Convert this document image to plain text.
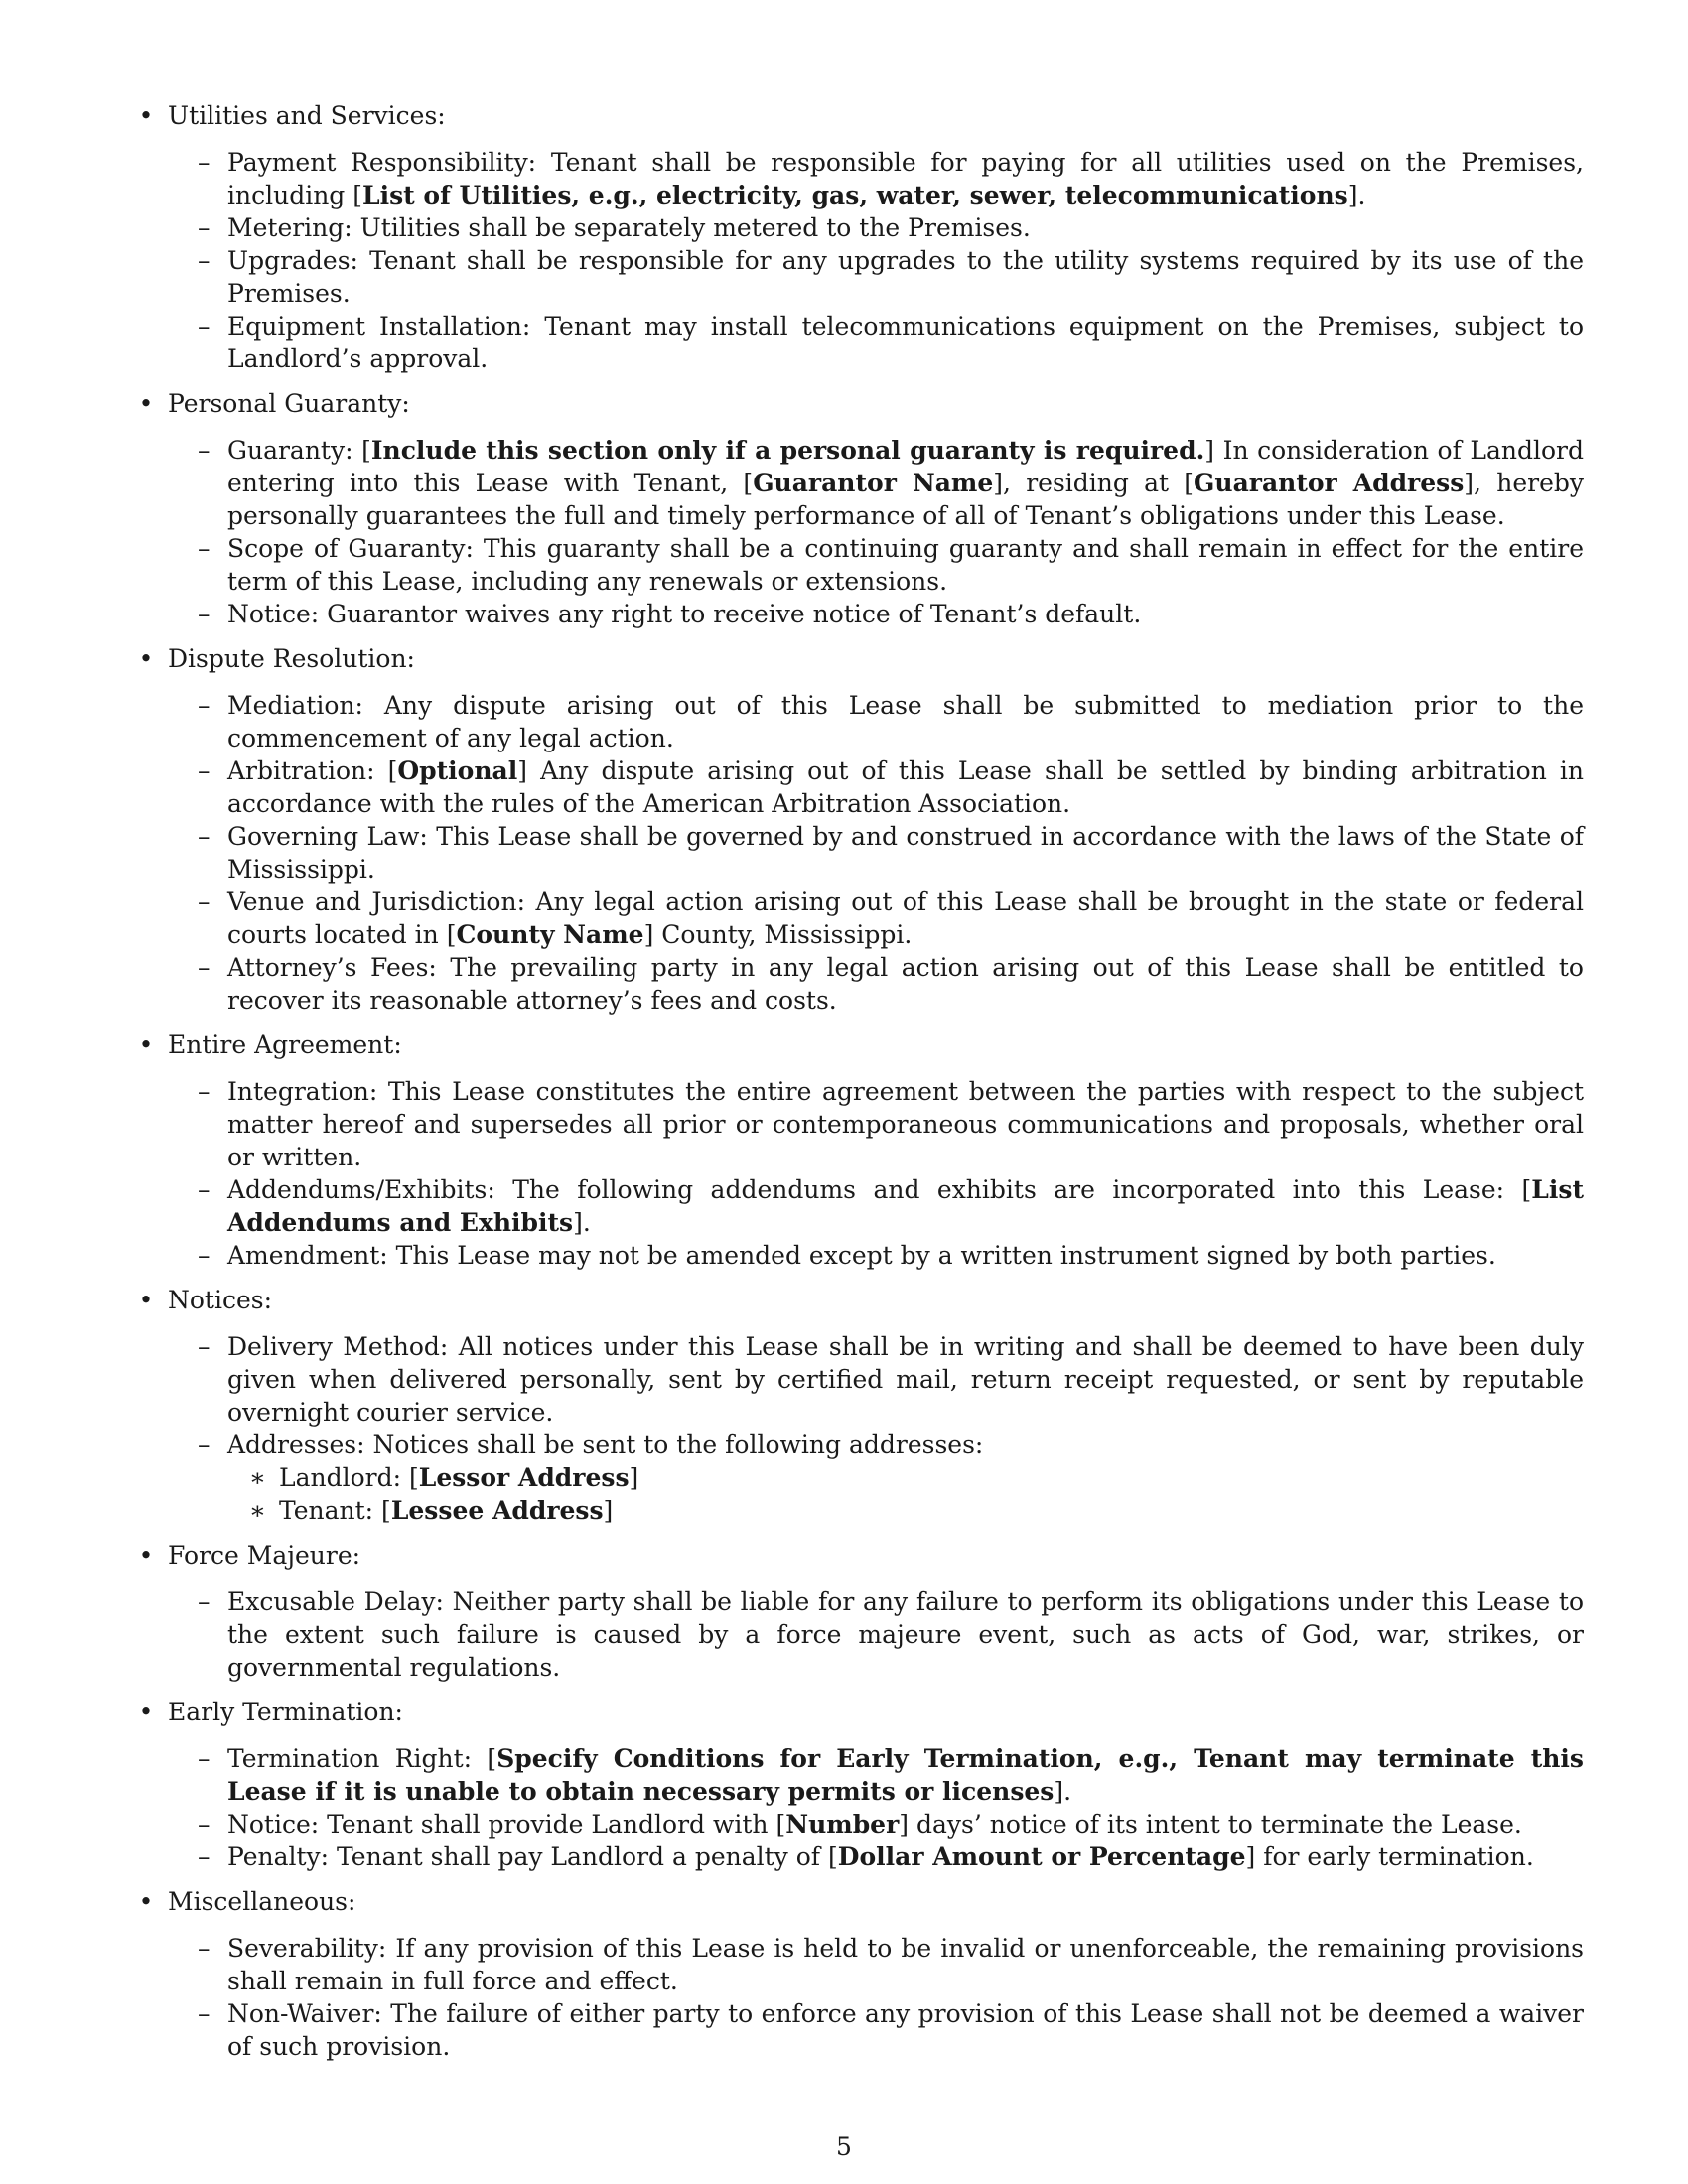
• Utilities and Services:
– Payment Responsibility: Tenant shall be responsible for paying for all utilities used on the Premises, including [List of Utilities, e.g., electricity, gas, water, sewer, telecommunications].
– Metering: Utilities shall be separately metered to the Premises.
– Upgrades: Tenant shall be responsible for any upgrades to the utility systems required by its use of the Premises.
– Equipment Installation: Tenant may install telecommunications equipment on the Premises, subject to Landlord’s approval.
• Personal Guaranty:
– Guaranty: [Include this section only if a personal guaranty is required.] In consideration of Landlord entering into this Lease with Tenant, [Guarantor Name], residing at [Guarantor Address], hereby personally guarantees the full and timely performance of all of Tenant’s obligations under this Lease.
– Scope of Guaranty: This guaranty shall be a continuing guaranty and shall remain in effect for the entire term of this Lease, including any renewals or extensions.
– Notice: Guarantor waives any right to receive notice of Tenant’s default.
• Dispute Resolution:
– Mediation: Any dispute arising out of this Lease shall be submitted to mediation prior to the commencement of any legal action.
– Arbitration: [Optional] Any dispute arising out of this Lease shall be settled by binding arbitration in accordance with the rules of the American Arbitration Association.
– Governing Law: This Lease shall be governed by and construed in accordance with the laws of the State of Mississippi.
– Venue and Jurisdiction: Any legal action arising out of this Lease shall be brought in the state or federal courts located in [County Name] County, Mississippi.
– Attorney’s Fees: The prevailing party in any legal action arising out of this Lease shall be entitled to recover its reasonable attorney’s fees and costs.
• Entire Agreement:
– Integration: This Lease constitutes the entire agreement between the parties with respect to the subject matter hereof and supersedes all prior or contemporaneous communications and proposals, whether oral or written.
– Addendums/Exhibits: The following addendums and exhibits are incorporated into this Lease: [List Addendums and Exhibits].
– Amendment: This Lease may not be amended except by a written instrument signed by both parties.
• Notices:
– Delivery Method: All notices under this Lease shall be in writing and shall be deemed to have been duly given when delivered personally, sent by certified mail, return receipt requested, or sent by reputable overnight courier service.
– Addresses: Notices shall be sent to the following addresses:
∗ Landlord: [Lessor Address]
∗ Tenant: [Lessee Address]
• Force Majeure:
– Excusable Delay: Neither party shall be liable for any failure to perform its obligations under this Lease to the extent such failure is caused by a force majeure event, such as acts of God, war, strikes, or governmental regulations.
• Early Termination:
– Termination Right: [Specify Conditions for Early Termination, e.g., Tenant may terminate this Lease if it is unable to obtain necessary permits or licenses].
– Notice: Tenant shall provide Landlord with [Number] days’ notice of its intent to terminate the Lease.
– Penalty: Tenant shall pay Landlord a penalty of [Dollar Amount or Percentage] for early termination.
• Miscellaneous:
– Severability: If any provision of this Lease is held to be invalid or unenforceable, the remaining provisions shall remain in full force and effect.
– Non-Waiver: The failure of either party to enforce any provision of this Lease shall not be deemed a waiver of such provision.
5
